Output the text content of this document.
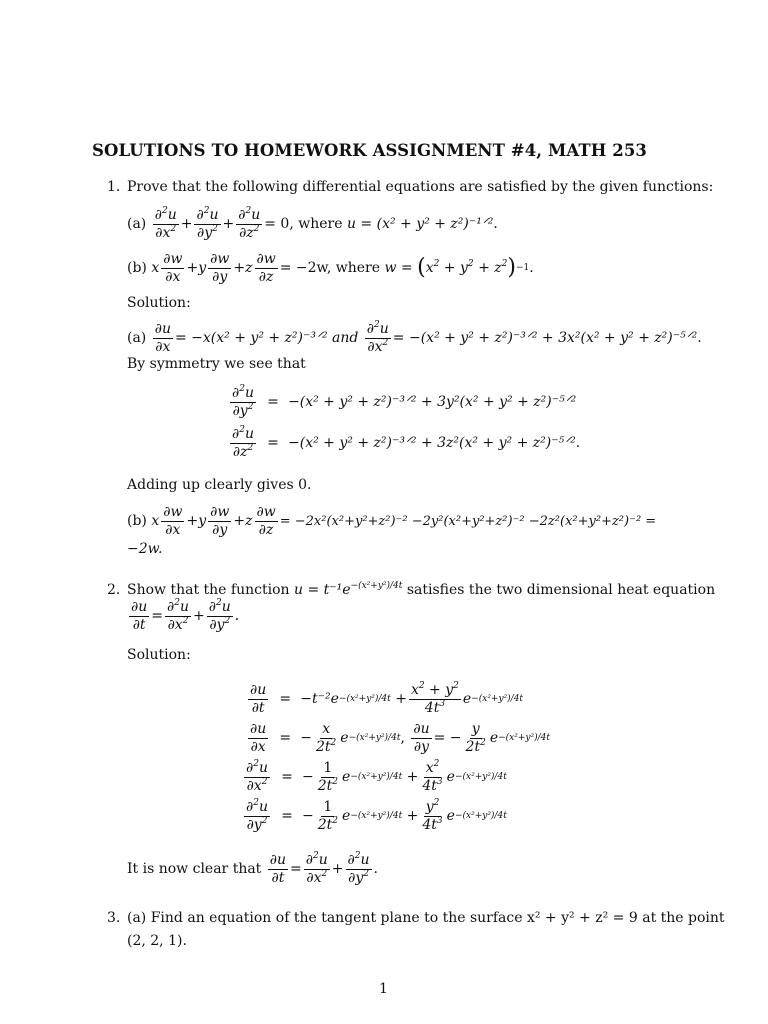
SOLUTIONS TO HOMEWORK ASSIGNMENT #4, MATH 253
1. Prove that the following differential equations are satisfied by the given functions:
(a)
$\frac{\partial^2u}{\partial x^2} + \frac{\partial^2u}{\partial y^2} + \frac{\partial^2u}{\partial z^2} = 0$, where
u = (x² + y² + z²)⁻¹ᐟ² .
(b)
x $\frac{\partial w}{\partial x} + y \frac{\partial w}{\partial y} + z \frac{\partial w}{\partial z} = -2w$, where
w =
( $x^2 + y^2 + z^2$ ) −1 .
Solution:
(a)
$\frac{\partial u}{\partial x} = -x(x^2 + y^2$ + z²)⁻³ᐟ² and
$\frac{\partial^2u}{\partial x^2} = -(x^2 + y^2$ + z²)⁻³ᐟ² + 3x²(x² + y² + z²)⁻⁵ᐟ².
By symmetry we see that
$\frac{\partial^2u}{\partial y^2} = -(x^2 + y^2$ + z²)⁻³ᐟ² + 3y²(x² + y² + z²)⁻⁵ᐟ²
$\frac{\partial^2u}{\partial z^2} = -(x^2 + y^2$ + z²)⁻³ᐟ² + 3z²(x² + y² + z²)⁻⁵ᐟ².
Adding up clearly gives 0.
(b)
x $\frac{\partial w}{\partial x} + y \frac{\partial w}{\partial y} + z \frac{\partial w}{\partial z} = -2x^2(x^2+y^2+z^2)^{-2} -2y^2(x^2+y^2+z^2)^{-2} -2z^2(x^2+y^2+z^2)^{-2}$ =
−2w.
2. Show that the function $u = t^{-1}e^{-(x^2+y^2)/4t}$ satisfies the two dimensional heat equation
$\frac{\partial u}{\partial t} = \frac{\partial^2u}{\partial x^2} + \frac{\partial^2u}{\partial y^2}$ .
Solution:
$\frac{\partial u}{\partial t} = -t^{-2}e -(x^2+y^2)/4t + \frac{x^2 + y^2}{4t^3}$ e −(x²+y²)/4t
$\frac{\partial u}{\partial x}$ = − $\frac{x}{2t^2}$ e −(x²+y²)/4t , $\frac{\partial u}{\partial y}$ = − $\frac{y}{2t^2}$ e −(x²+y²)/4t
$\frac{\partial^2u}{\partial x^2}$ = − $\frac{1}{2t^2}$ $e -(x^2+y^2)/4t + \frac{x^2}{4t^3}$ e −(x²+y²)/4t
$\frac{\partial^2u}{\partial y^2}$ = − $\frac{1}{2t^2}$ $e -(x^2+y^2)/4t + \frac{y^2}{4t^3}$ e −(x²+y²)/4t
It is now clear that
$\frac{\partial u}{\partial t} = \frac{\partial^2u}{\partial x^2} + \frac{\partial^2u}{\partial y^2}$ .
3. (a) Find an equation of the tangent plane to the surface x² + y² + z² = 9 at the point
(2, 2, 1).
1
